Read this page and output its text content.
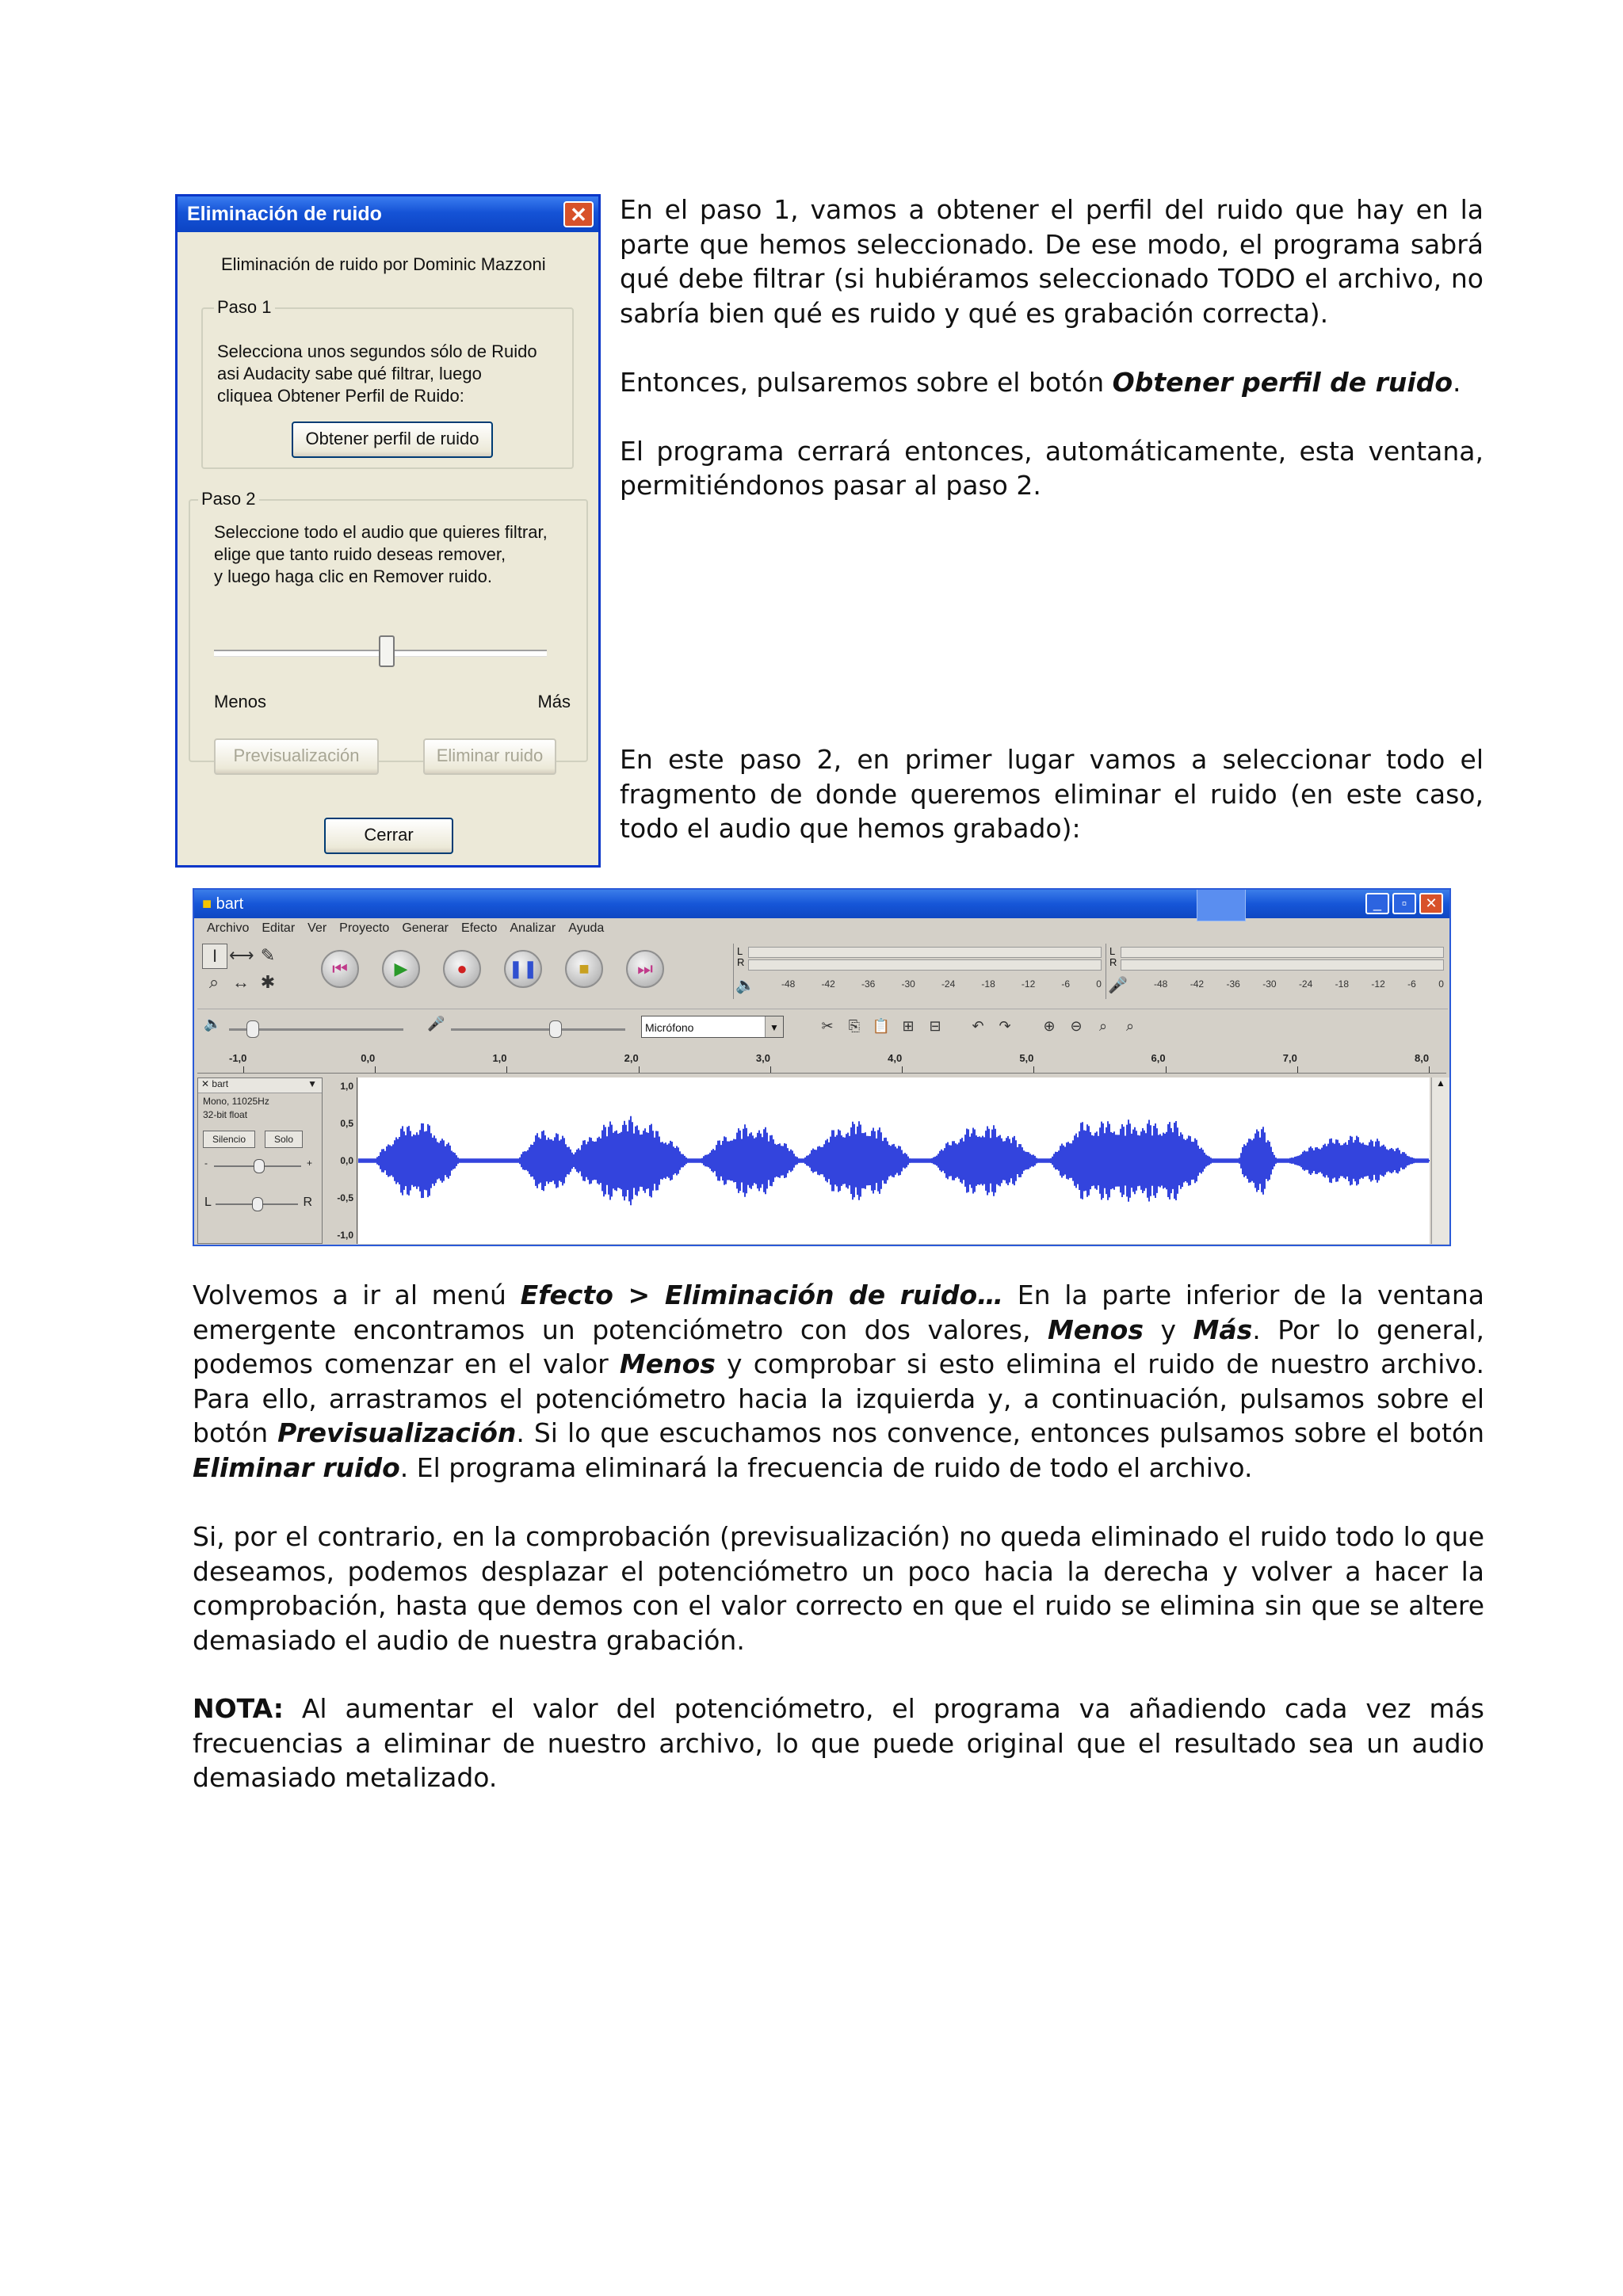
Eliminación de ruido	✕
Eliminación de ruido por Dominic Mazzoni
Paso 1
Selecciona unos segundos sólo de Ruido
asi Audacity sabe qué filtrar, luego
cliquea Obtener Perfil de Ruido:
Obtener perfil de ruido
Paso 2
Seleccione todo el audio que quieres filtrar,
elige que tanto ruido deseas remover,
y luego haga clic en Remover ruido.
Menos	Más
Previsualización	Eliminar ruido
Cerrar

En el paso 1, vamos a obtener el perfil del ruido que hay en la parte que hemos seleccionado. De ese modo, el programa sabrá qué debe filtrar (si hubiéramos seleccionado TODO el archivo, no sabría bien qué es ruido y qué es grabación correcta).

Entonces, pulsaremos sobre el botón Obtener perfil de ruido.

El programa cerrará entonces, automáticamente, esta ventana, permitiéndonos pasar al paso 2.

En este paso 2, en primer lugar vamos a seleccionar todo el fragmento de donde queremos eliminar el ruido (en este caso, todo el audio que hemos grabado):
■ bart	_	▫	✕
Archivo Editar Ver Proyecto Generar Efecto Analizar Ayuda
I ⟷ ✎
⌕ ↔ ✱
⏮	▶	●	❚❚	■	⏭
L
R
🔈	-48	-42	-36	-30	-24	-18	-12	-6	0
L
R
🎤	-48 -42 -36 -30 -24 -18 -12 -6 0
🔈	🎤	Micrófono	▼	✂	⎘ 📋 ⊞	⊟	↶	↷	⊕	⊖	⌕	⌕
-1,0	0,0	1,0	2,0	3,0	4,0	5,0	6,0	7,0	8,0
✕ bart	▼
Mono, 11025Hz
32-bit float
Silencio	Solo
-	+
L	R
1,0
0,5
0,0
-0,5
-1,0
▲
Volvemos a ir al menú Efecto > Eliminación de ruido… En la parte inferior de la ventana emergente encontramos un potenciómetro con dos valores, Menos y Más. Por lo general, podemos comenzar en el valor Menos y comprobar si esto elimina el ruido de nuestro archivo. Para ello, arrastramos el potenciómetro hacia la izquierda y, a continuación, pulsamos sobre el botón Previsualización. Si lo que escuchamos nos convence, entonces pulsamos sobre el botón Eliminar ruido. El programa eliminará la frecuencia de ruido de todo el archivo.
Si, por el contrario, en la comprobación (previsualización) no queda eliminado el ruido todo lo que deseamos, podemos desplazar el potenciómetro un poco hacia la derecha y volver a hacer la comprobación, hasta que demos con el valor correcto en que el ruido se elimina sin que se altere demasiado el audio de nuestra grabación.
NOTA: Al aumentar el valor del potenciómetro, el programa va añadiendo cada vez más frecuencias a eliminar de nuestro archivo, lo que puede original que el resultado sea un audio demasiado metalizado.
